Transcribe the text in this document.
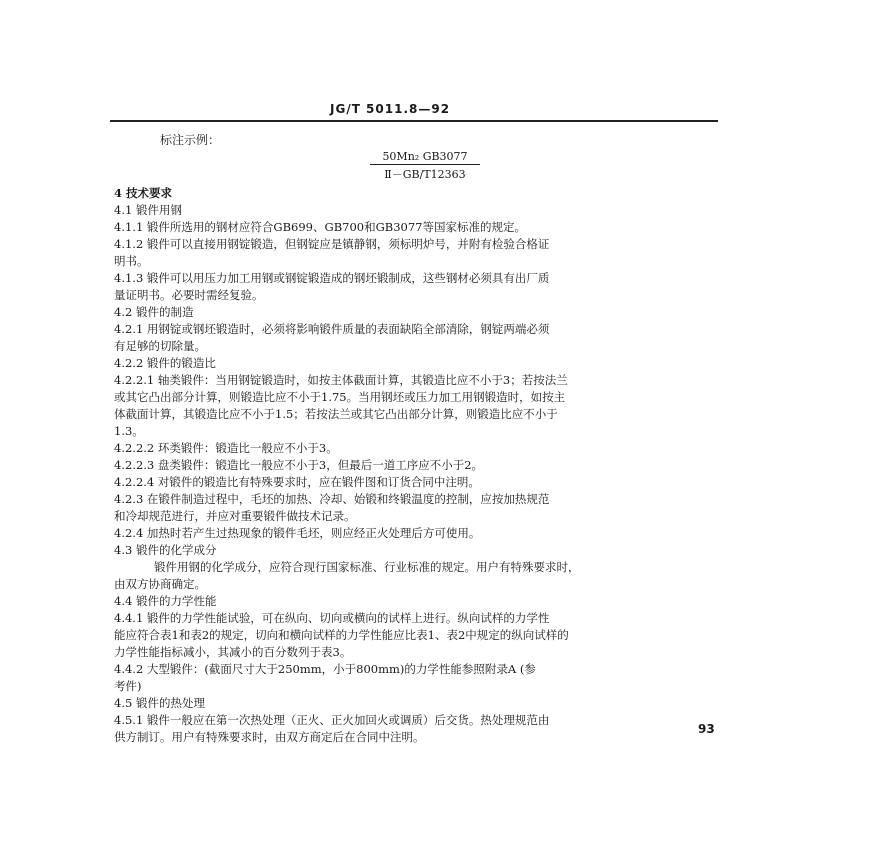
JG/T 5011.8—92
标注示例：
50Mn₂ GB3077
Ⅱ－GB/T12363
4 技术要求
4.1 锻件用钢
4.1.1 锻件所选用的钢材应符合GB699、GB700和GB3077等国家标准的规定。
4.1.2 锻件可以直接用钢锭锻造，但钢锭应是镇静钢，须标明炉号，并附有检验合格证
明书。
4.1.3 锻件可以用压力加工用钢或钢锭锻造成的钢坯锻制成，这些钢材必须具有出厂质
量证明书。必要时需经复验。
4.2 锻件的制造
4.2.1 用钢锭或钢坯锻造时，必须将影响锻件质量的表面缺陷全部清除，钢锭两端必须
有足够的切除量。
4.2.2 锻件的锻造比
4.2.2.1 轴类锻件：当用钢锭锻造时，如按主体截面计算，其锻造比应不小于3；若按法兰
或其它凸出部分计算，则锻造比应不小于1.75。当用钢坯或压力加工用钢锻造时，如按主
体截面计算，其锻造比应不小于1.5；若按法兰或其它凸出部分计算，则锻造比应不小于
1.3。
4.2.2.2 环类锻件：锻造比一般应不小于3。
4.2.2.3 盘类锻件：锻造比一般应不小于3，但最后一道工序应不小于2。
4.2.2.4 对锻件的锻造比有特殊要求时，应在锻件图和订货合同中注明。
4.2.3 在锻件制造过程中，毛坯的加热、冷却、始锻和终锻温度的控制，应按加热规范
和冷却规范进行，并应对重要锻件做技术记录。
4.2.4 加热时若产生过热现象的锻件毛坯，则应经正火处理后方可使用。
4.3 锻件的化学成分
锻件用钢的化学成分，应符合现行国家标准、行业标准的规定。用户有特殊要求时，
由双方协商确定。
4.4 锻件的力学性能
4.4.1 锻件的力学性能试验，可在纵向、切向或横向的试样上进行。纵向试样的力学性
能应符合表1和表2的规定，切向和横向试样的力学性能应比表1、表2中规定的纵向试样的
力学性能指标减小，其减小的百分数列于表3。
4.4.2 大型锻件：(截面尺寸大于250mm，小于800mm)的力学性能参照附录A (参
考件)
4.5 锻件的热处理
4.5.1 锻件一般应在第一次热处理（正火、正火加回火或调质）后交货。热处理规范由
供方制订。用户有特殊要求时，由双方商定后在合同中注明。
93
